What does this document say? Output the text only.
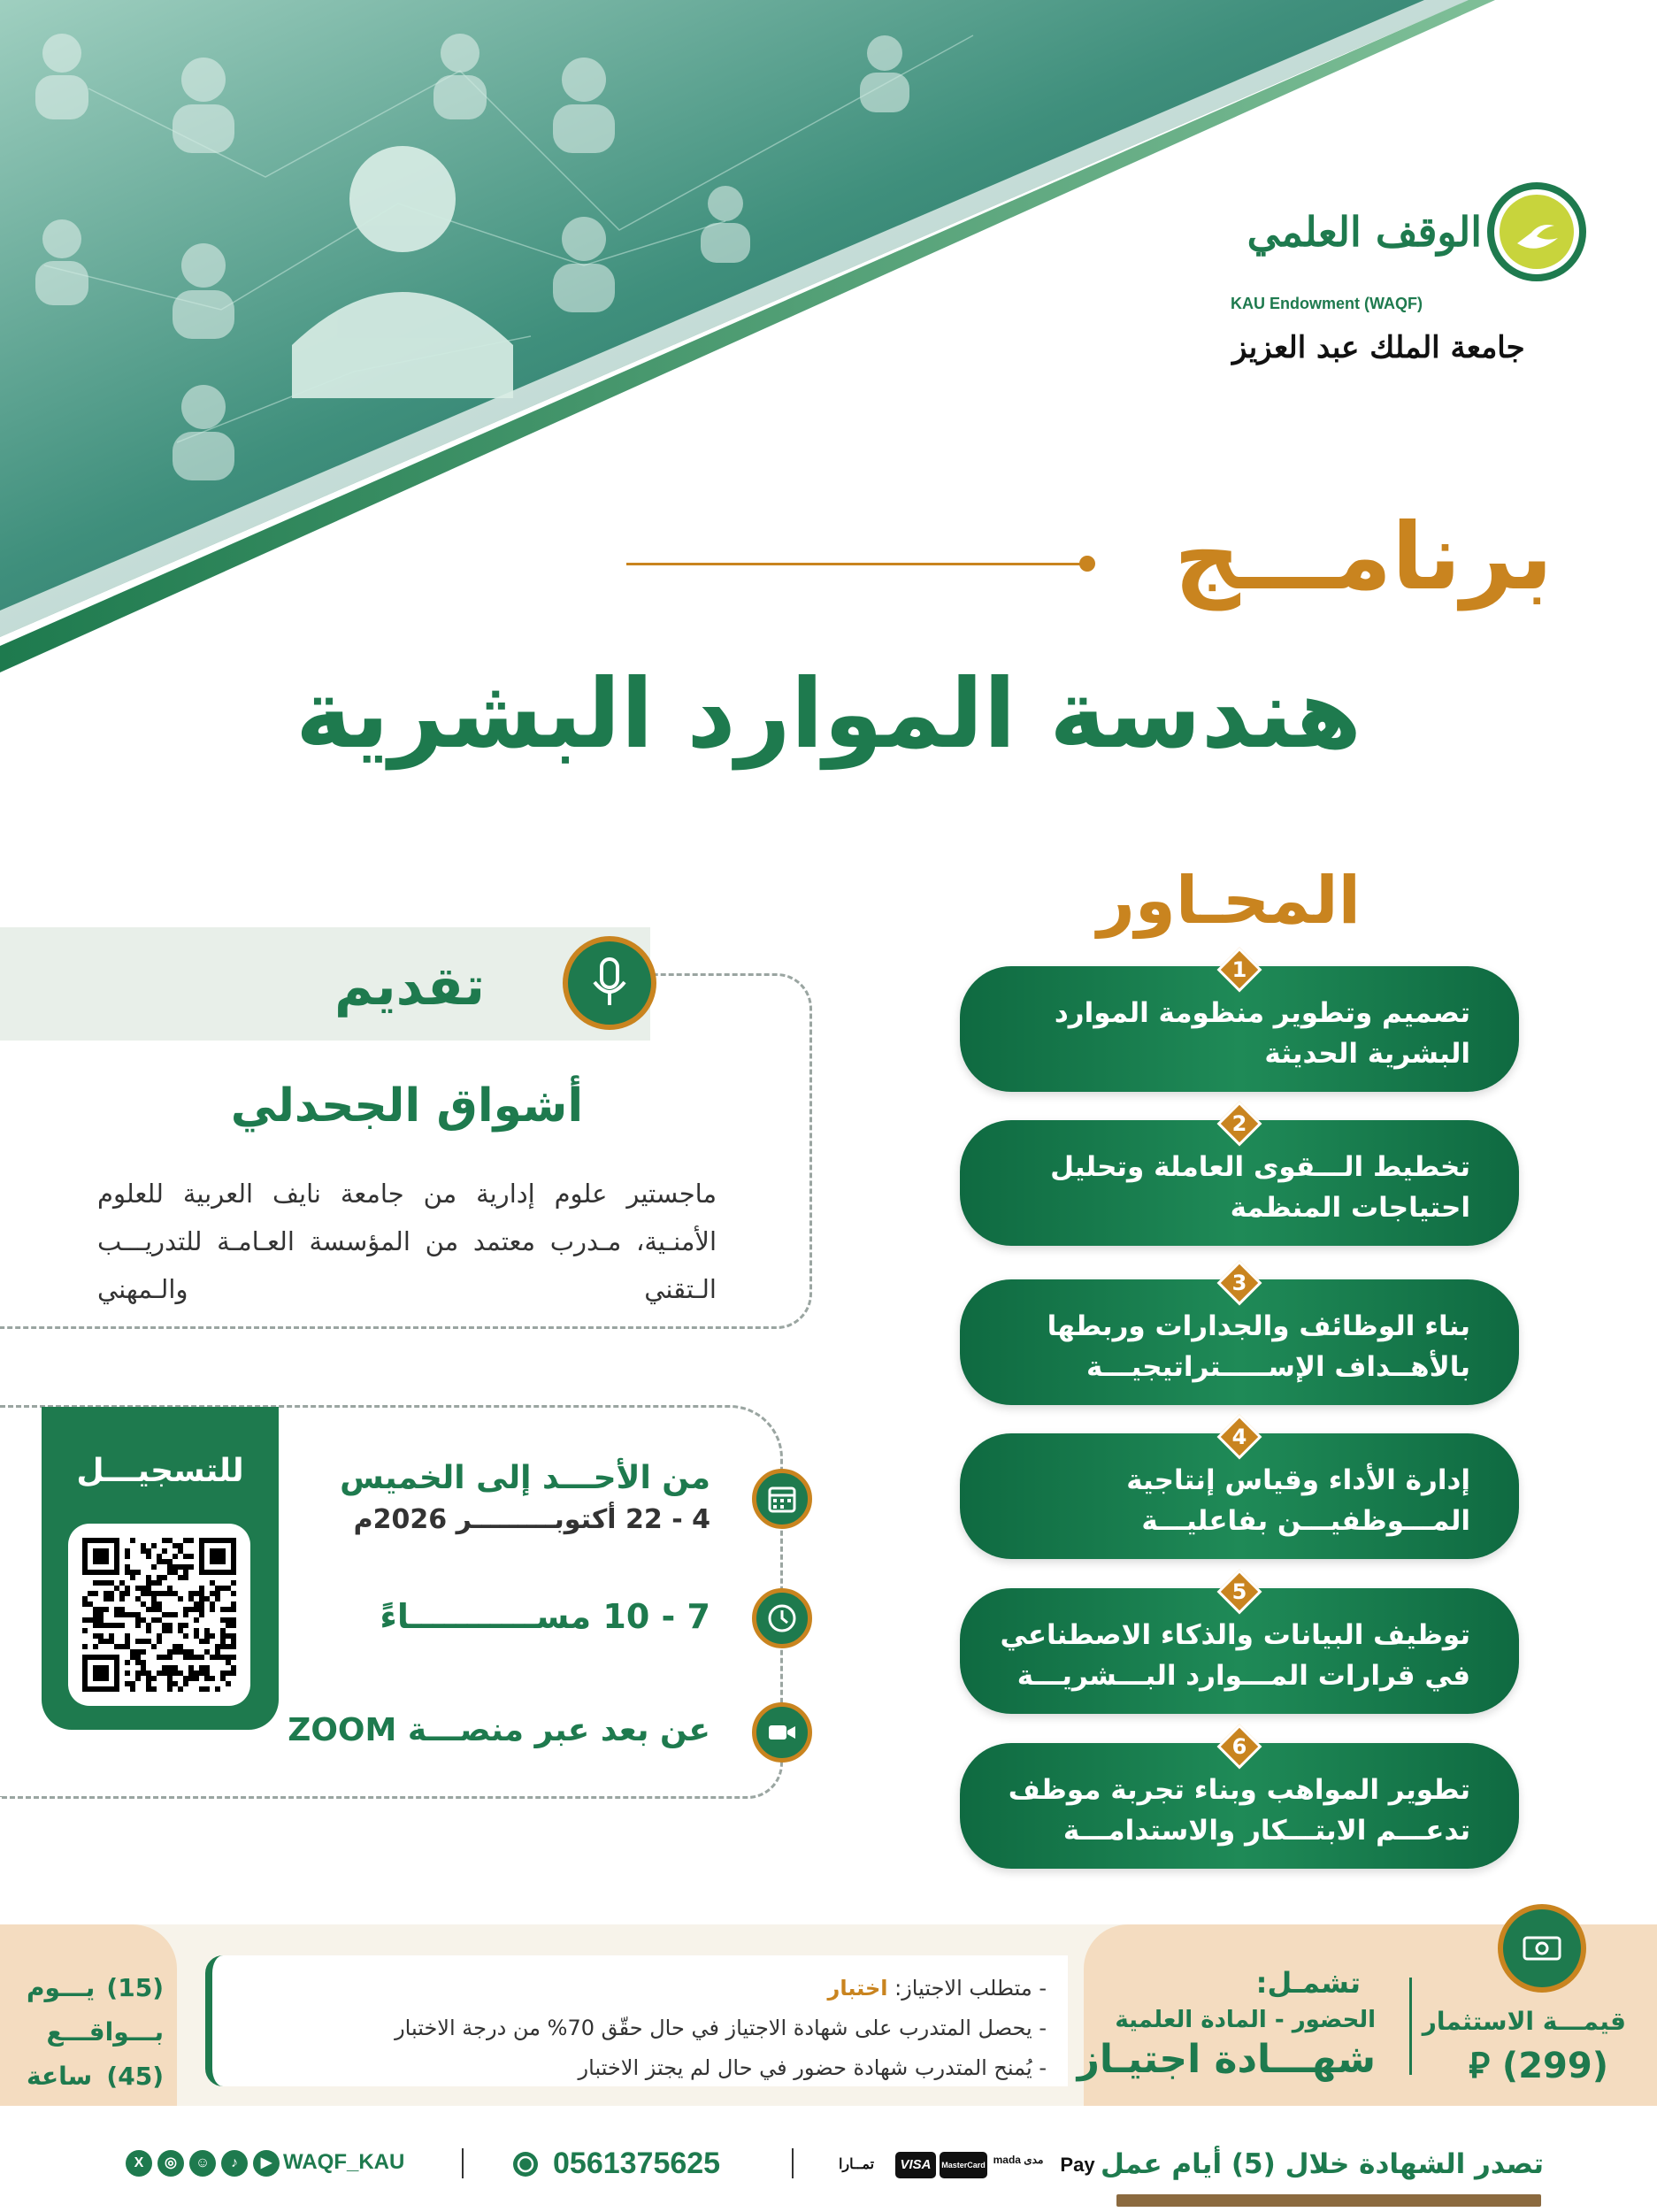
الوقف العلمي
KAU Endowment (WAQF)
جامعة الملك عبد العزيز
برنامـــج
هندسة الموارد البشرية
المحـاور
1
تصميم وتطوير منظومة الموارد البشرية الحديثة
2
تخطيط الـــقوى العاملة وتحليل احتياجات المنظمة
3
بناء الوظائف والجدارات وربطها بالأهــداف الإســـــتراتيجيـــة
4
إدارة الأداء وقياس إنتاجية المـــوظفيـــن بفاعليـــة
5
توظيف البيانات والذكاء الاصطناعي في قرارات المـــوارد البـــشريـــة
6
تطوير المواهب وبناء تجربة موظف تدعـــم الابتـــكار والاستدامـــة
تقديم
أشواق الجحدلي
ماجستير علوم إدارية من جامعة نايف العربية للعلوم الأمنـية، مـدرب معتمد من المؤسسة العـامـة للتدريـــب الـتقني والـمهني
للتسجيـــل	من الأحـــد إلى الخميس
4 - 22 أكتوبـــــــــر 2026م
7 - 10 مســـــــــــاءً
عن بعد عبر منصـــة ZOOM
قيمـــة الاستثمار
(299) ⃁
تشمـل:
الحضور - المادة العلمية
شهـــادة اجتيـاز
- متطلب الاجتياز: اختبار
- يحصل المتدرب على شهادة الاجتياز في حال حقّق 70% من درجة الاختبار
- يُمنح المتدرب شهادة حضور في حال لم يجتز الاختبار
(15) يـــوم
بـــواقـــع
(45) ساعة
تصدر الشهادة خلال (5) أيام عمل
Pay
مدى mada
MasterCard
VISA
تمــارا
0561375625
WAQF_KAU
▶
♪
☺
◎
X
